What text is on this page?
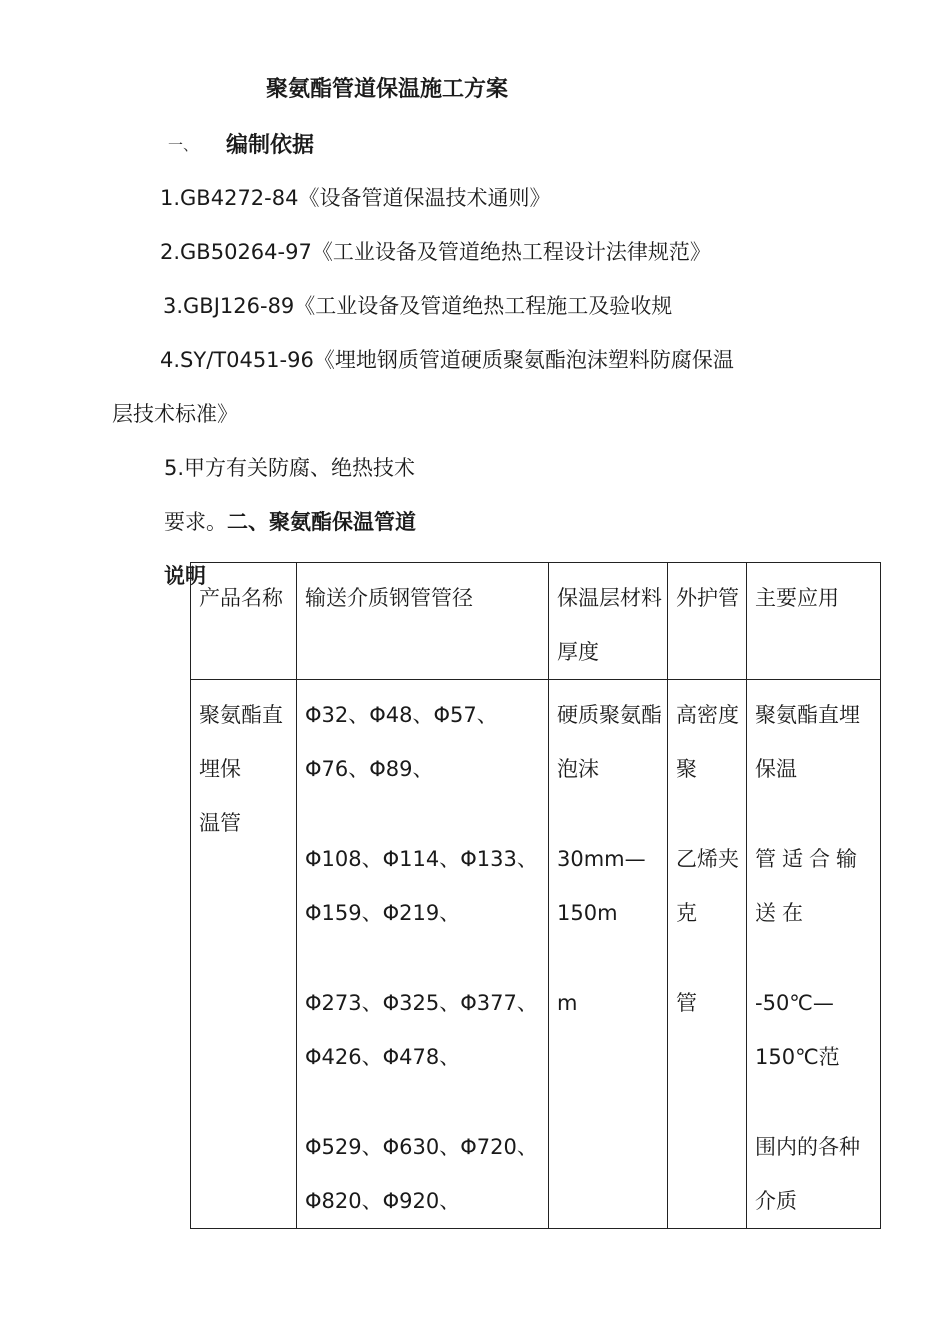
聚氨酯管道保温施工方案
一、 编制依据
1.GB4272-84《设备管道保温技术通则》
2.GB50264-97《工业设备及管道绝热工程设计法律规范》
3.GBJ126-89《工业设备及管道绝热工程施工及验收规
4.SY/T0451-96《埋地钢质管道硬质聚氨酯泡沫塑料防腐保温
层技术标准》
5.甲方有关防腐、绝热技术
要求。二、聚氨酯保温管道
说明
产品名称	输送介质钢管管径	保温层材料厚度	外护管	主要应用

聚氨酯直埋保
温管	Φ32、Φ48、Φ57、Φ76、Φ89、
Φ108、Φ114、Φ133、Φ159、Φ219、
Φ273、Φ325、Φ377、Φ426、Φ478、
Φ529、Φ630、Φ720、Φ820、Φ920、	硬质聚氨酯泡沫
30mm—150m
m	高密度聚
乙烯夹克
管	聚氨酯直埋保温
管适合输送在
-50℃—150℃范
围内的各种介质
